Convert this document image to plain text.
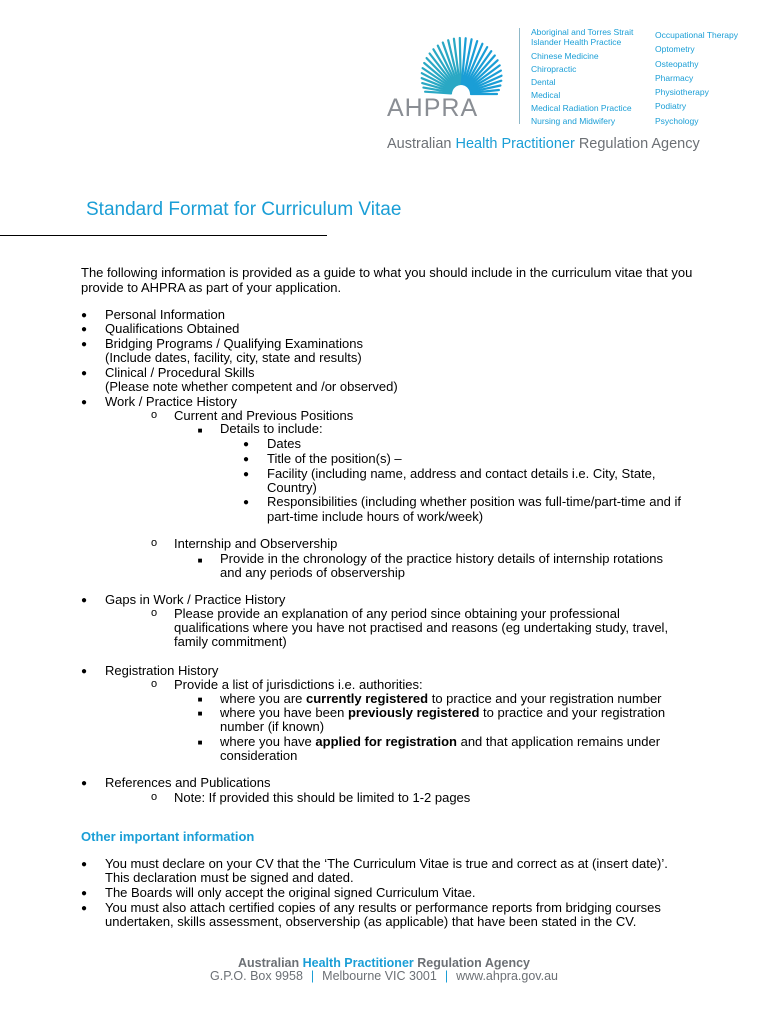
AHPRA
Aboriginal and Torres Strait
Islander Health Practice
Chinese Medicine
Chiropractic
Dental
Medical
Medical Radiation Practice
Nursing and Midwifery
Occupational Therapy
Optometry
Osteopathy
Pharmacy
Physiotherapy
Podiatry
Psychology
Australian Health Practitioner Regulation Agency
Standard Format for Curriculum Vitae
The following information is provided as a guide to what you should include in the curriculum vitae that you
provide to AHPRA as part of your application.
● Personal Information
● Qualifications Obtained
● Bridging Programs / Qualifying Examinations
(Include dates, facility, city, state and results)
● Clinical / Procedural Skills
(Please note whether competent and /or observed)
● Work / Practice History
o Current and Previous Positions
■ Details to include:
● Dates
● Title of the position(s) –
● Facility (including name, address and contact details i.e. City, State,
Country)
● Responsibilities (including whether position was full-time/part-time and if
part-time include hours of work/week)
o Internship and Observership
■ Provide in the chronology of the practice history details of internship rotations
and any periods of observership
● Gaps in Work / Practice History
o Please provide an explanation of any period since obtaining your professional
qualifications where you have not practised and reasons (eg undertaking study, travel,
family commitment)
● Registration History
o Provide a list of jurisdictions i.e. authorities:
■ where you are currently registered to practice and your registration number
■ where you have been previously registered to practice and your registration
number (if known)
■ where you have applied for registration and that application remains under
consideration
● References and Publications
o Note: If provided this should be limited to 1-2 pages
Other important information
● You must declare on your CV that the ‘The Curriculum Vitae is true and correct as at (insert date)’.
This declaration must be signed and dated.
● The Boards will only accept the original signed Curriculum Vitae.
● You must also attach certified copies of any results or performance reports from bridging courses
undertaken, skills assessment, observership (as applicable) that have been stated in the CV.
Australian Health Practitioner Regulation Agency
G.P.O. Box 9958 | Melbourne VIC 3001 | www.ahpra.gov.au
